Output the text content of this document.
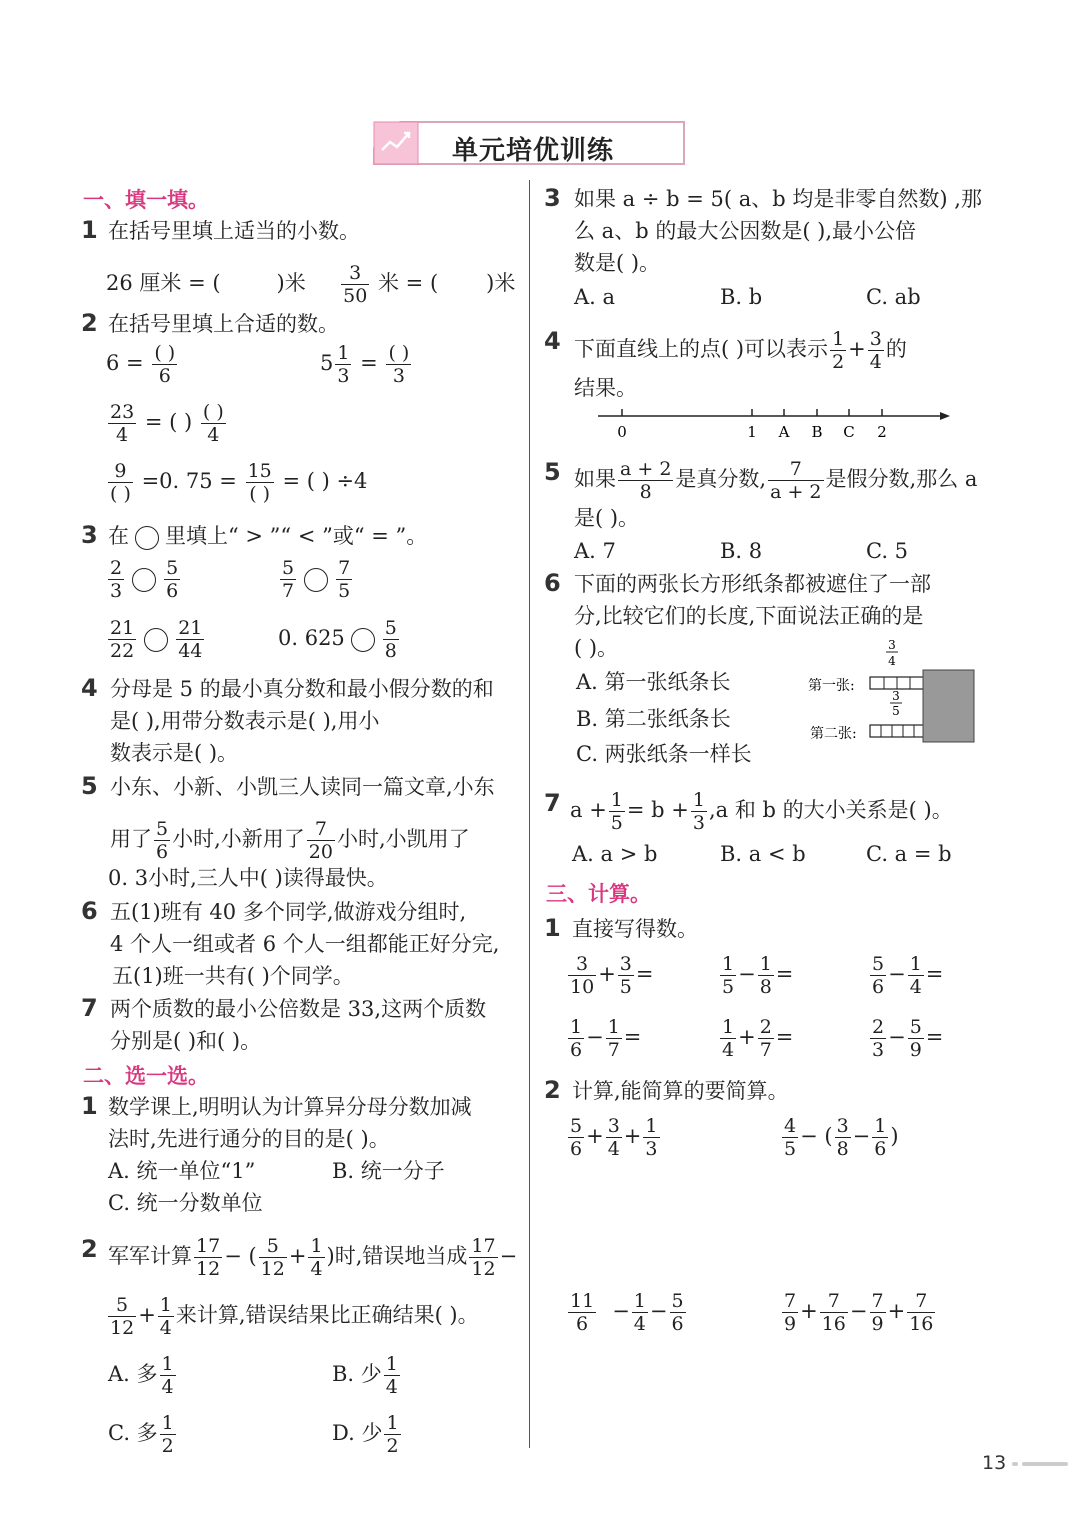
单元培优训练
一、填一填。
1 在括号里填上适当的小数。
26 厘米 = (	)米 $\frac{3}{50}$ 米 = ( )米
2 在括号里填上合适的数。
6 = ( )
6
$5 \frac{1}{3}$ = ( )
3
$\frac{23}{4}$ = ( ) ( )
4
9
( )
=0. 75 = 15
( )
= ( ) ÷4
3 在 里填上“ > ”“ < ”或“ = ”。
$\frac{2}{3} \frac{5}{6}$	$\frac{5}{7} \frac{7}{5}$
$\frac{21}{22} \frac{21}{44}$	0. $625 \frac{5}{8}$
4 分母是 5 的最小真分数和最小假分数的和
是( ),用带分数表示是( ),用小
数表示是( )。
5 小东、小新、小凯三人读同一篇文章,小东
用了 $\frac{5}{6}$ 小时,小新用了 $\frac{7}{20}$ 小时,小凯用了
0. 3小时,三人中( )读得最快。
6 五(1)班有 40 多个同学,做游戏分组时,
4 个人一组或者 6 个人一组都能正好分完,
五(1)班一共有( )个同学。
7 两个质数的最小公倍数是 33,这两个质数
分别是( )和( )。
二、选一选。
1 数学课上,明明认为计算异分母分数加减
法时,先进行通分的目的是( )。
A. 统一单位“1”	B. 统一分子
C. 统一分数单位
2 军军计算 $\frac{17}{12}$ − ( $\frac{5}{12} + \frac{1}{4}$ )时,错误地当成 $\frac{17}{12}$ −
$\frac{5}{12} + \frac{1}{4}$ 来计算,错误结果比正确结果( )。
A. 多 $\frac{1}{4}$	B. 少 $\frac{1}{4}$
C. 多 $\frac{1}{2}$	D. 少 $\frac{1}{2}$
3 如果 a ÷ b = 5( a、b 均是非零自然数) ,那
么 a、b 的最大公因数是( ),最小公倍
数是( )。
A. a	B. b	C. ab
4 下面直线上的点( )可以表示 $\frac{1}{2} + \frac{3}{4}$ 的
结果。
0	1 A B C 2
5 如果 $\frac{a + 2}{8}$ 是真分数, $\frac{7}{a + 2}$ 是假分数,那么 a
是( )。
A. 7	B. 8	C. 5
6 下面的两张长方形纸条都被遮住了一部
分,比较它们的长度,下面说法正确的是
( )。
A. 第一张纸条长
B. 第二张纸条长
C. 两张纸条一样长
3
4
第一张:
3
5
第二张:
7 $a + \frac{1}{5} = b + \frac{1}{3} ,a$ 和 b 的大小关系是( )。
A. a > b	B. a < b	C. a = b
三、计算。
1 直接写得数。
$\frac{3}{10} + \frac{3}{5}$ =	$\frac{1}{5} - \frac{1}{8}$ =	$\frac{5}{6} - \frac{1}{4}$ =
$\frac{1}{6} - \frac{1}{7}$ =	$\frac{1}{4} + \frac{2}{7}$ =	$\frac{2}{3} - \frac{5}{9}$ =
2 计算,能简算的要简算。
$\frac{5}{6} + \frac{3}{4} + \frac{1}{3}$	$\frac{4}{5}$ − ( $\frac{3}{8} - \frac{1}{6}$ )
$\frac{11}{6} - \frac{1}{4} - \frac{5}{6}$	$\frac{7}{9} + \frac{7}{16} - \frac{7}{9} + \frac{7}{16}$
13
